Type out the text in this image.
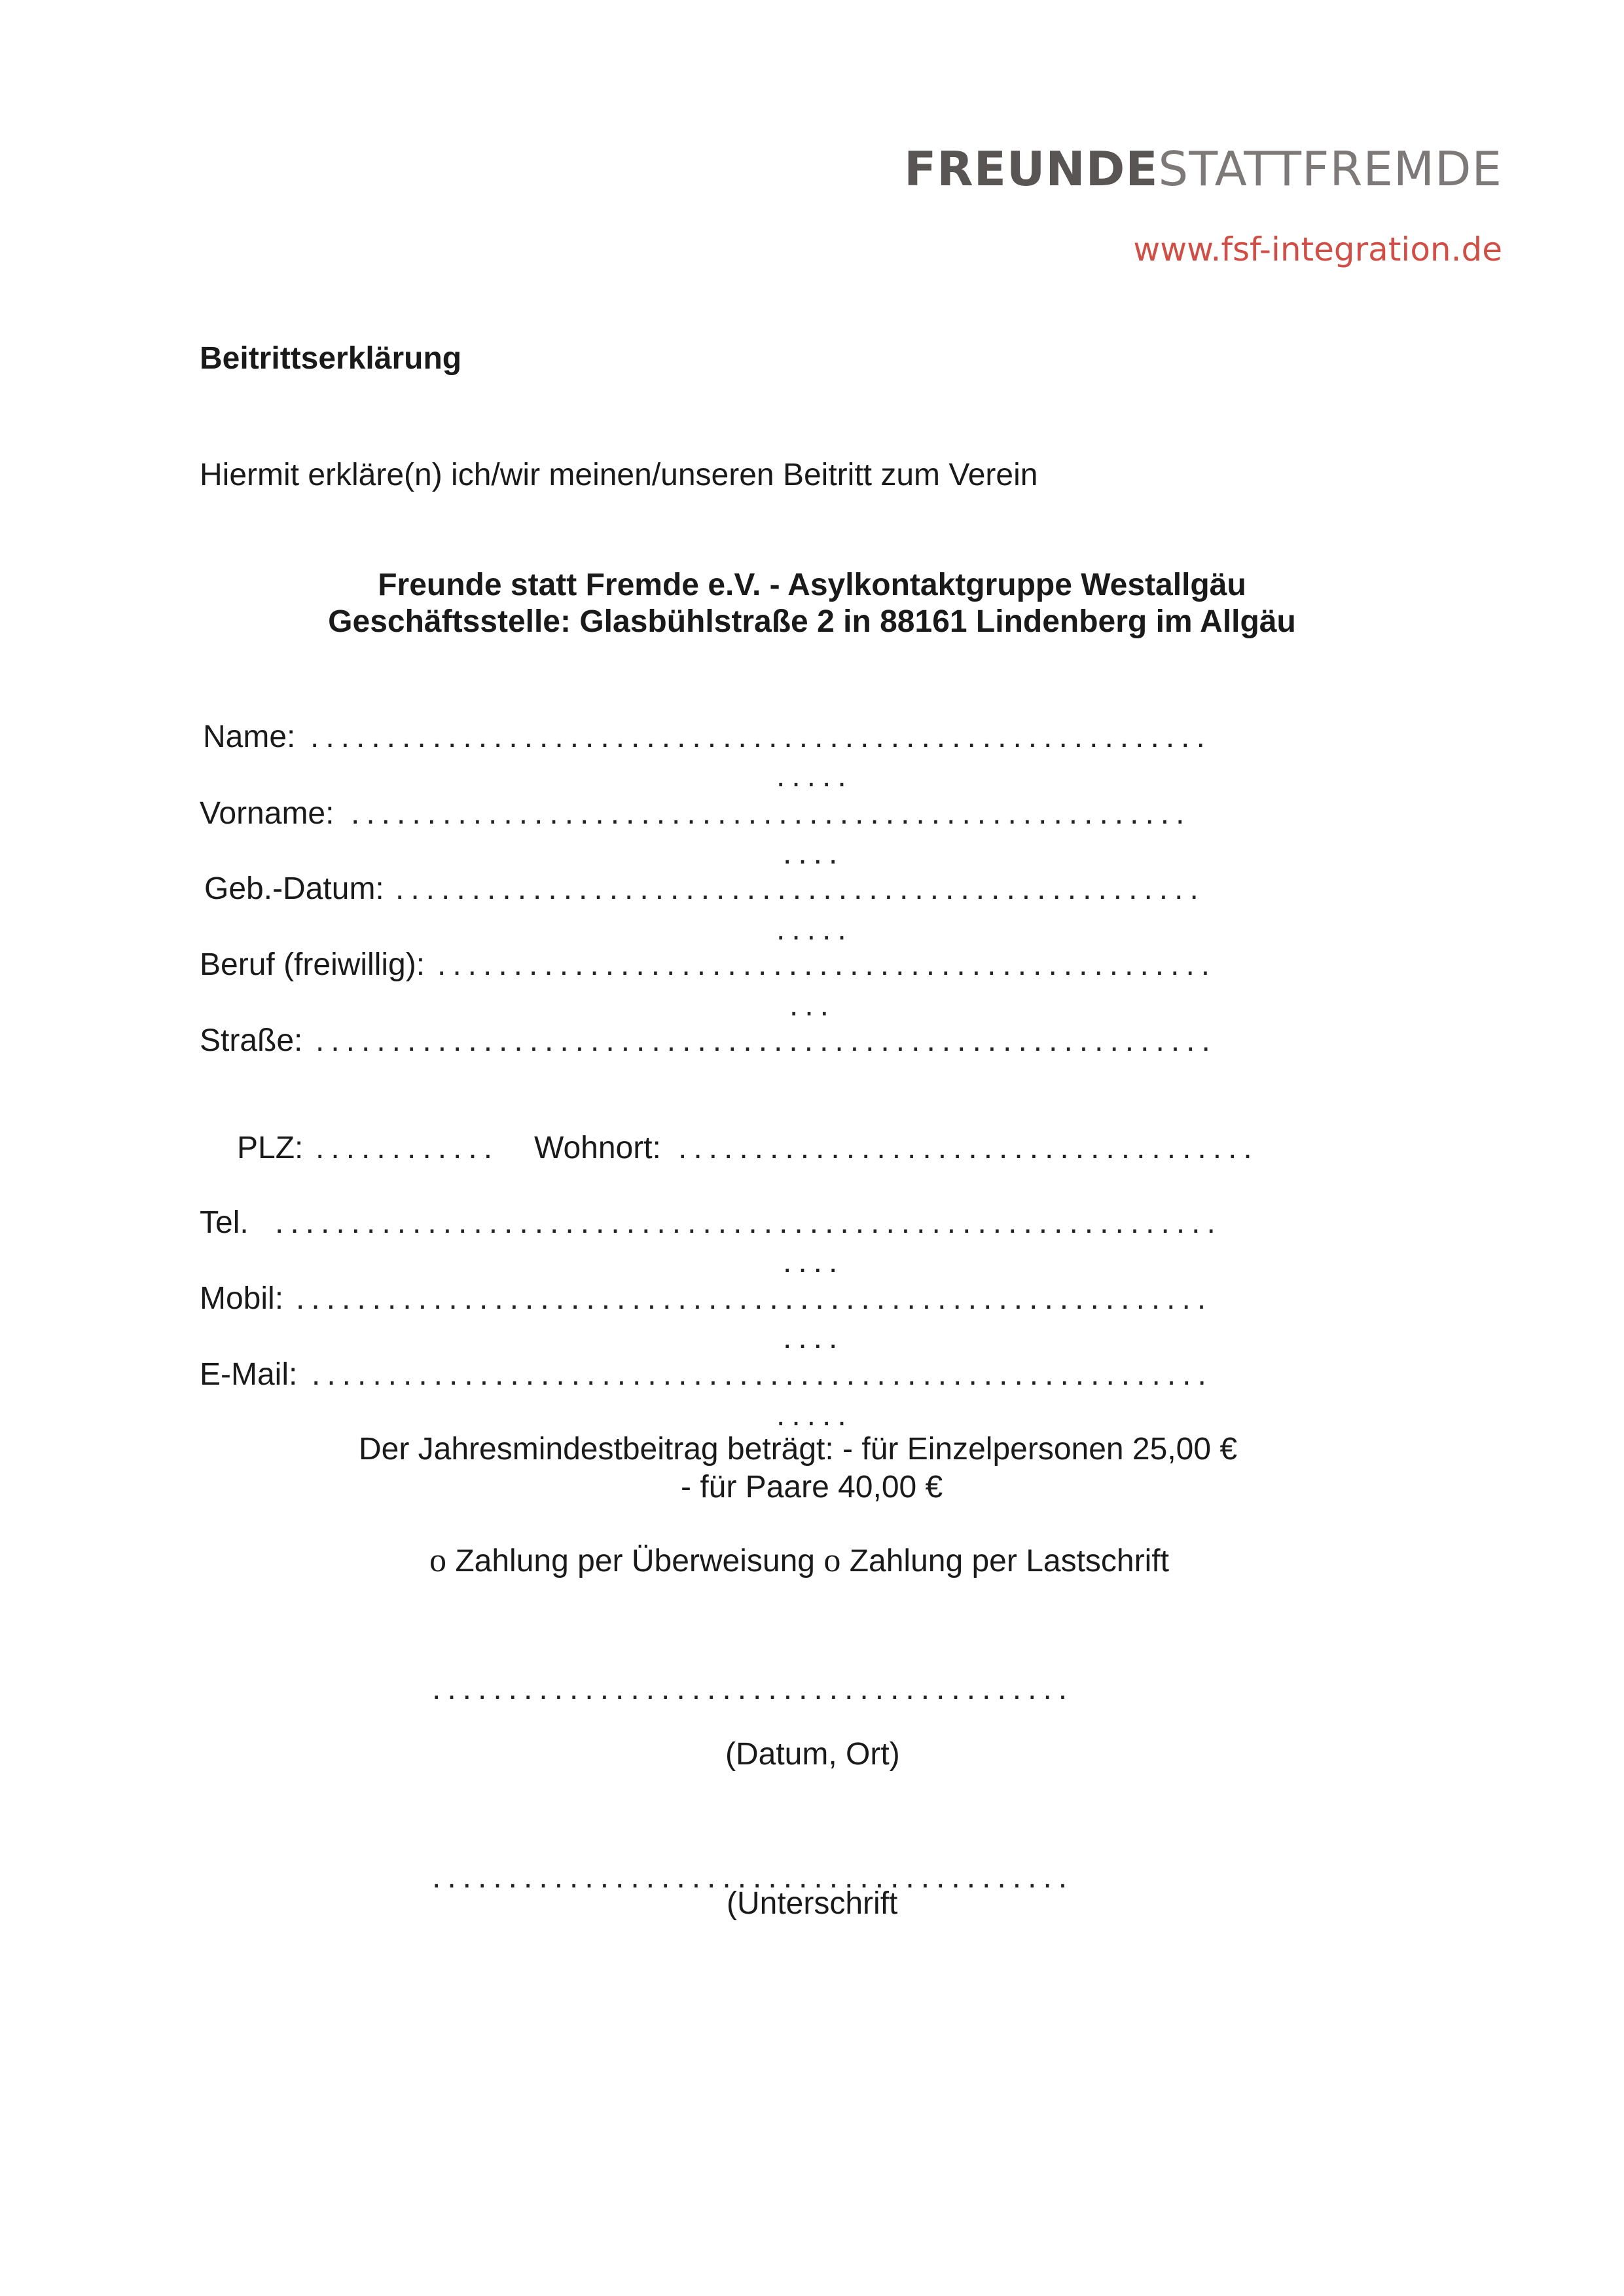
FREUNDESTATTFREMDE

www.fsf-integration.de

Beitrittserklärung
Hiermit erkläre(n) ich/wir meinen/unseren Beitritt zum Verein
Freunde statt Fremde e.V. - Asylkontaktgruppe Westallgäu
Geschäftsstelle: Glasbühlstraße 2 in 88161 Lindenberg im Allgäu
Name: ...........................................................
.....
Vorname: .......................................................
....
Geb.-Datum: .....................................................
.....
Beruf (freiwillig): ...................................................
...
Straße: ...........................................................
PLZ: ............ Wohnort: ......................................
Tel. ..............................................................
....
Mobil: ............................................................
....
E-Mail: ...........................................................
.....
Der Jahresmindestbeitrag beträgt: - für Einzelpersonen 25,00 €
- für Paare 40,00 €
o Zahlung per Überweisung o Zahlung per Lastschrift
..........................................
(Datum, Ort)
..........................................
(Unterschrift
